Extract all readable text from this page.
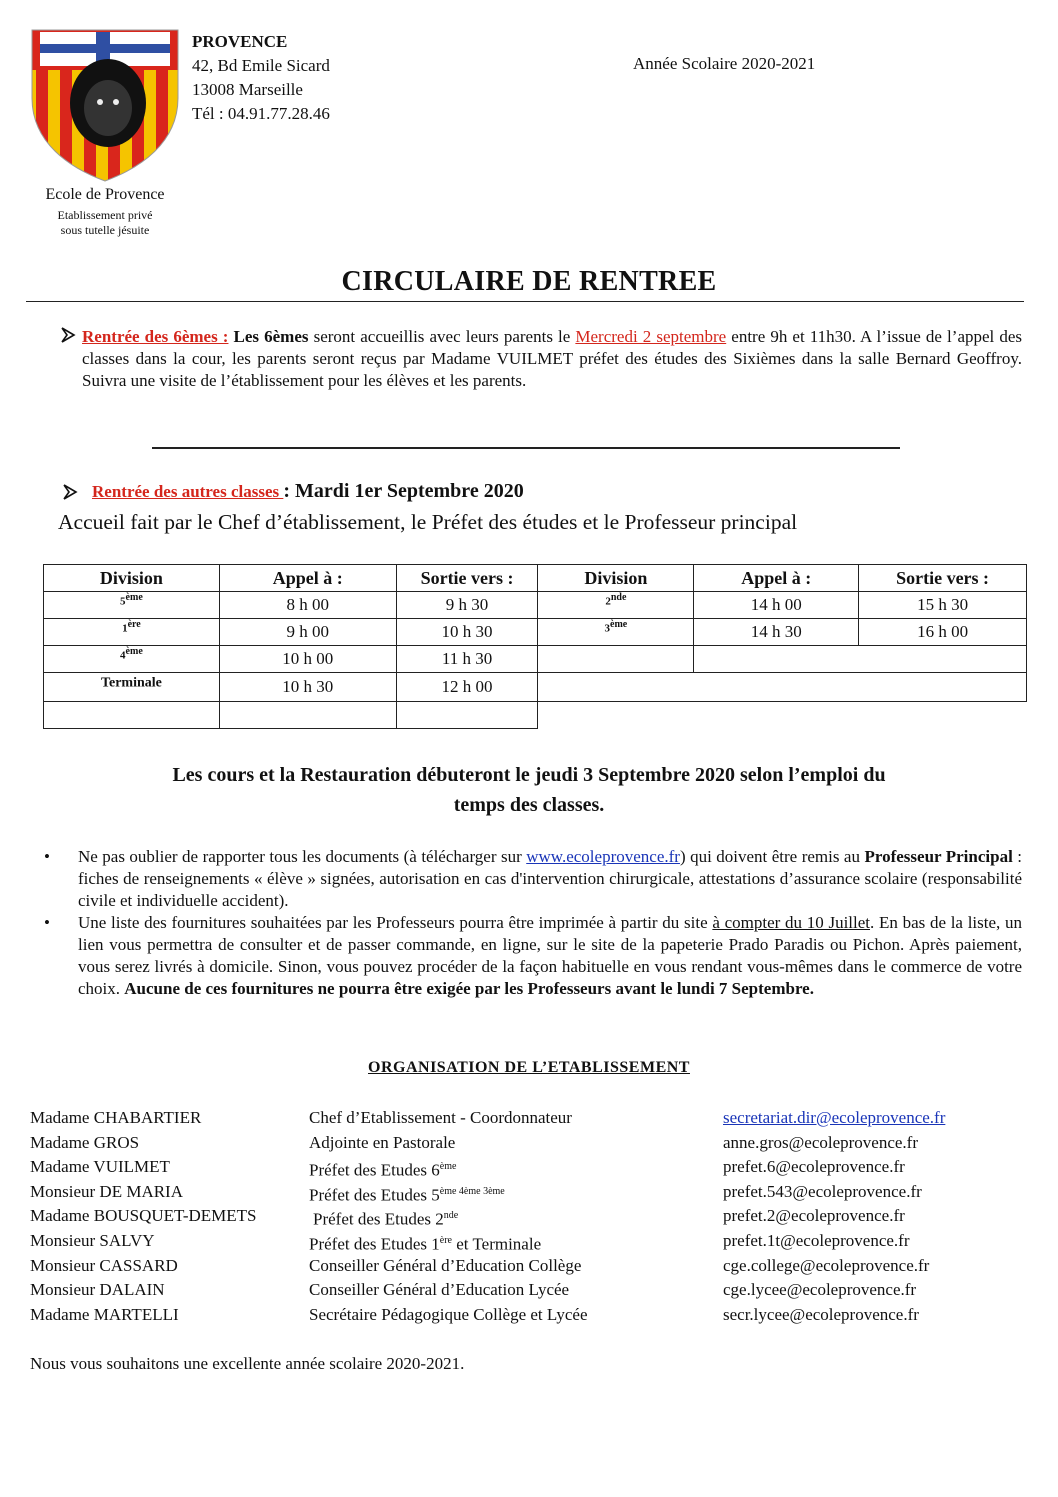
Ecole de Provence
Etablissement privé
sous tutelle jésuite
PROVENCE
42, Bd Emile Sicard
13008 Marseille
Tél : 04.91.77.28.46
Année Scolaire 2020-2021
CIRCULAIRE DE RENTREE
Rentrée des 6èmes : Les 6èmes seront accueillis avec leurs parents le Mercredi 2 septembre entre 9h et 11h30. A l’issue de l’appel des classes dans la cour, les parents seront reçus par Madame VUILMET préfet des études des Sixièmes dans la salle Bernard Geoffroy. Suivra une visite de l’établissement pour les élèves et les parents.
Rentrée des autres classes : Mardi 1er Septembre 2020
Accueil fait par le Chef d’établissement, le Préfet des études et le Professeur principal
Division	Appel à :	Sortie vers :	Division	Appel à :	Sortie vers :
5ème	8 h 00	9 h 30	2nde	14 h 00	15 h 30
1ère	9 h 00	10 h 30	3ème	14 h 30	16 h 00
4ème	10 h 00	11 h 30			
Terminale	10 h 30	12 h 00			

Les cours et la Restauration débuteront le jeudi 3 Septembre 2020 selon l’emploi du
temps des classes.
• Ne pas oublier de rapporter tous les documents (à télécharger sur www.ecoleprovence.fr) qui doivent être remis au Professeur Principal : fiches de renseignements « élève » signées, autorisation en cas d'intervention chirurgicale, attestations d’assurance scolaire (responsabilité civile et individuelle accident).
• Une liste des fournitures souhaitées par les Professeurs pourra être imprimée à partir du site à compter du 10 Juillet. En bas de la liste, un lien vous permettra de consulter et de passer commande, en ligne, sur le site de la papeterie Prado Paradis ou Pichon. Après paiement, vous serez livrés à domicile. Sinon, vous pouvez procéder de la façon habituelle en vous rendant vous-mêmes dans le commerce de votre choix. Aucune de ces fournitures ne pourra être exigée par les Professeurs avant le lundi 7 Septembre.
ORGANISATION DE L’ETABLISSEMENT
Madame CHABARTIER	Chef d’Etablissement - Coordonnateur	secretariat.dir@ecoleprovence.fr
Madame GROS	Adjointe en Pastorale	anne.gros@ecoleprovence.fr
Madame VUILMET	Préfet des Etudes 6ème	prefet.6@ecoleprovence.fr
Monsieur DE MARIA	Préfet des Etudes $5^{ème 4ème 3ème}$	prefet.543@ecoleprovence.fr
Madame BOUSQUET-DEMETS	Préfet des Etudes 2nde	prefet.2@ecoleprovence.fr
Monsieur SALVY	Préfet des Etudes 1ère et Terminale	prefet.1t@ecoleprovence.fr
Monsieur CASSARD	Conseiller Général d’Education Collège	cge.college@ecoleprovence.fr
Monsieur DALAIN	Conseiller Général d’Education Lycée	cge.lycee@ecoleprovence.fr
Madame MARTELLI	Secrétaire Pédagogique Collège et Lycée	secr.lycee@ecoleprovence.fr
Nous vous souhaitons une excellente année scolaire 2020-2021.
